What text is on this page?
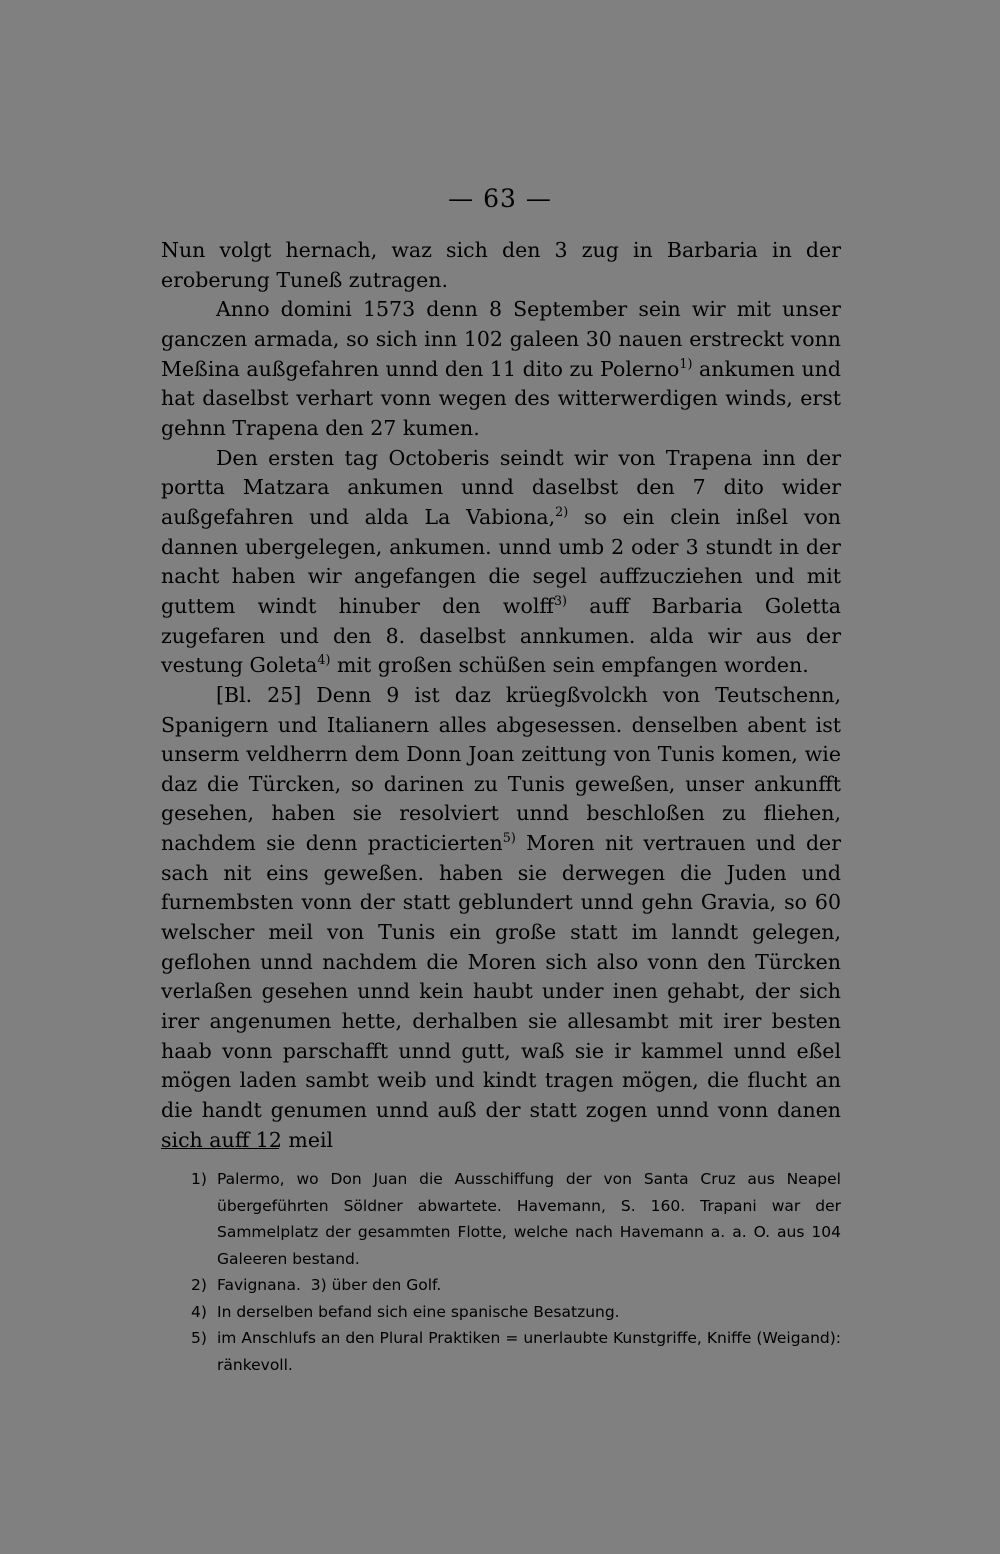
— 63 —

Nun volgt hernach, waz sich den 3 zug in Barbaria in der eroberung Tuneß zutragen.

Anno domini 1573 denn 8 September sein wir mit unser ganczen armada, so sich inn 102 galeen 30 nauen erstreckt vonn Meßina außgefahren unnd den 11 dito zu Polerno$^{1)}$ ankumen und hat daselbst verhart vonn wegen des witterwerdigen winds, erst gehnn Trapena den 27 kumen.

Den ersten tag Octoberis seindt wir von Trapena inn der portta Matzara ankumen unnd daselbst den 7 dito wider außgefahren und alda La Vabiona,$^{2)}$ so ein clein inßel von dannen ubergelegen, ankumen. unnd umb 2 oder 3 stundt in der nacht haben wir angefangen die segel auffzucziehen und mit guttem windt hinuber den wolff$^{3)}$ auff Barbaria Goletta zugefaren und den 8. daselbst annkumen. alda wir aus der vestung Goleta$^{4)}$ mit großen schüßen sein empfangen worden.

[Bl. 25] Denn 9 ist daz krüegßvolckh von Teutschenn, Spanigern und Italianern alles abgesessen. denselben abent ist unserm veldherrn dem Donn Joan zeittung von Tunis komen, wie daz die Türcken, so darinen zu Tunis geweßen, unser ankunfft gesehen, haben sie resolviert unnd beschloßen zu fliehen, nachdem sie denn practicierten$^{5)}$ Moren nit vertrauen und der sach nit eins geweßen. haben sie derwegen die Juden und furnembsten vonn der statt geblundert unnd gehn Gravia, so 60 welscher meil von Tunis ein große statt im lanndt gelegen, geflohen unnd nachdem die Moren sich also vonn den Türcken verlaßen gesehen unnd kein haubt under inen gehabt, der sich irer angenumen hette, derhalben sie allesambt mit irer besten haab vonn parschafft unnd gutt, waß sie ir kammel unnd eßel mögen laden sambt weib und kindt tragen mögen, die flucht an die handt genumen unnd auß der statt zogen unnd vonn danen sich auff 12 meil

1) Palermo, wo Don Juan die Ausschiffung der von Santa Cruz aus Neapel übergeführten Söldner abwartete. Havemann, S. 160. Trapani war der Sammelplatz der gesammten Flotte, welche nach Havemann a. a. O. aus 104 Galeeren bestand.
2) Favignana. 3) über den Golf.
4) In derselben befand sich eine spanische Besatzung.
5) im Anschlufs an den Plural Praktiken = unerlaubte Kunstgriffe, Kniffe (Weigand): ränkevoll.
